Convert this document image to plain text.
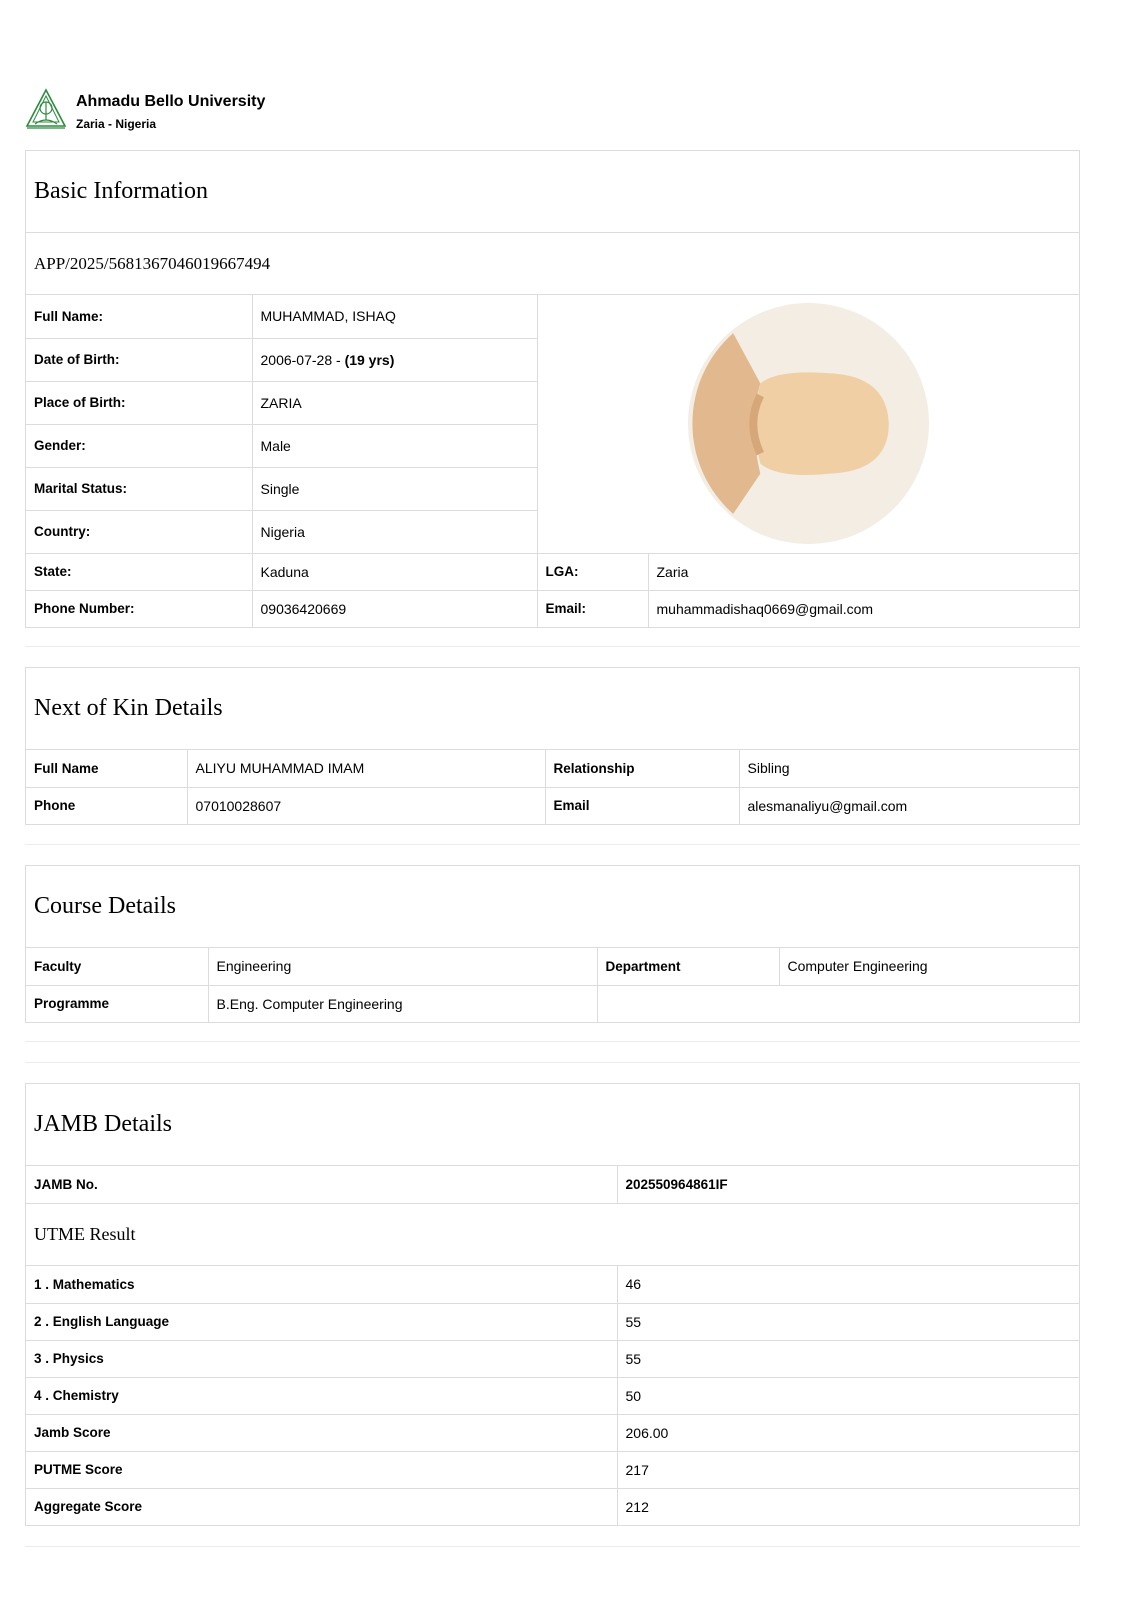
Ahmadu Bello University
Zaria - Nigeria
Basic Information
APP/2025/5681367046019667494
Full Name:	MUHAMMAD, ISHAQ	

Date of Birth:	2006-07-28 - (19 yrs)		
Place of Birth:	ZARIA		
Gender:	Male		
Marital Status:	Single		
Country:	Nigeria		
State:	Kaduna	LGA:	Zaria
Phone Number:	09036420669	Email:	muhammadishaq0669@gmail.com
Next of Kin Details
Full Name	ALIYU MUHAMMAD IMAM	Relationship	Sibling
Phone	07010028607	Email	alesmanaliyu@gmail.com
Course Details
Faculty	Engineering	Department	Computer Engineering
Programme	B.Eng. Computer Engineering		
JAMB Details
JAMB No.	202550964861IF
UTME Result
1 . Mathematics	46
2 . English Language	55
3 . Physics	55
4 . Chemistry	50
Jamb Score	206.00
PUTME Score	217
Aggregate Score	212
